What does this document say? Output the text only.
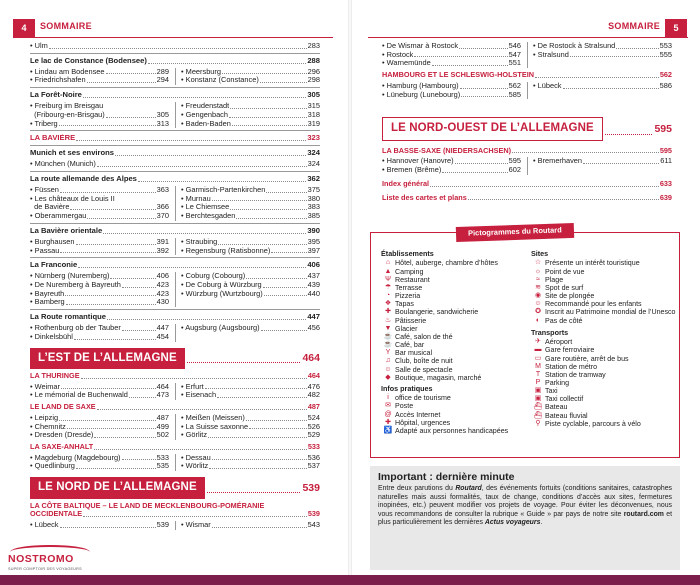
4	SOMMAIRE
• Ulm	283
Le lac de Constance (Bodensee)	288
• Lindau am Bodensee	289
• Friedrichshafen	294
• Meersburg	296
• Konstanz (Constance)	298
La Forêt-Noire	305
• Freiburg im Breisgau
(Fribourg-en-Brisgau)	305
• Triberg	313
• Freudenstadt	315
• Gengenbach	318
• Baden-Baden	319
LA BAVIÈRE	323
Munich et ses environs	324
• München (Munich)	324
La route allemande des Alpes	362
• Füssen	363
• Les châteaux de Louis II
de Bavière	366
• Oberammergau	370
• Garmisch-Partenkirchen	375
• Murnau	380
• Le Chiemsee	383
• Berchtesgaden	385
La Bavière orientale	390
• Burghausen	391
• Passau	392
• Straubing	395
• Regensburg (Ratisbonne)	397
La Franconie	406
• Nürnberg (Nuremberg)	406
• De Nuremberg à Bayreuth	423
• Bayreuth	423
• Bamberg	430
• Coburg (Cobourg)	437
• De Coburg à Würzburg	439
• Würzburg (Wurtzbourg)	440
La Route romantique	447
• Rothenburg ob der Tauber	447
• Dinkelsbühl	454
• Augsburg (Augsbourg)	456
L’EST DE L’ALLEMAGNE	464
LA THURINGE	464
• Weimar	464
• Le mémorial de Buchenwald	473
• Erfurt	476
• Eisenach	482
LE LAND DE SAXE	487
• Leipzig	487
• Chemnitz	499
• Dresden (Dresde)	502
• Meißen (Meissen)	524
• La Suisse saxonne	526
• Görlitz	529
LA SAXE-ANHALT	533
• Magdeburg (Magdebourg)	533
• Quedlinburg	535
• Dessau	536
• Wörlitz	537
LE NORD DE L’ALLEMAGNE	539
LA CÔTE BALTIQUE – LE LAND DE MECKLENBOURG-POMÉRANIE
OCCIDENTALE	539
• Lübeck	539 • Wismar	543
NOSTROMO
SUPER COMPTOIR DES VOYAGEURS
SOMMAIRE	5
• De Wismar à Rostock	546
• Rostock	547
• Warnemünde	551
• De Rostock à Stralsund	553
• Stralsund	555
HAMBOURG ET LE SCHLESWIG-HOLSTEIN	562
• Hamburg (Hambourg)	562
• Lüneburg (Lunebourg)	585
• Lübeck	586
LE NORD-OUEST DE L’ALLEMAGNE	595
LA BASSE-SAXE (NIEDERSACHSEN)	595
• Hannover (Hanovre)	595
• Bremen (Brême)	602
• Bremerhaven	611
Index général	633
Liste des cartes et plans	639
Pictogrammes du Routard
Établissements
⌂ Hôtel, auberge, chambre d’hôtes
▲ Camping
Ψ Restaurant
☂ Terrasse
◔ Pizzeria
❖ Tapas
✚ Boulangerie, sandwicherie
♨ Pâtisserie
▼ Glacier
☕ Café, salon de thé
☕ Café, bar
Y Bar musical
♫ Club, boîte de nuit
☺ Salle de spectacle
◆ Boutique, magasin, marché
Infos pratiques
i office de tourisme
✉ Poste
@ Accès Internet
✚ Hôpital, urgences
♿ Adapté aux personnes handicapées
Sites
☆ Présente un intérêt touristique
☼ Point de vue
≈ Plage
≋ Spot de surf
◉ Site de plongée
☺ Recommandé pour les enfants
✪ Inscrit au Patrimoine mondial de l’Unesco
◐ Pas de côté
Transports
✈ Aéroport
▬ Gare ferroviaire
▭ Gare routière, arrêt de bus
M Station de métro
T Station de tramway
P Parking
▣ Taxi
▣ Taxi collectif
⛴ Bateau
⛴ Bateau fluvial
⚲ Piste cyclable, parcours à vélo
Important : dernière minute

Entre deux parutions du Routard, des événements fortuits (conditions sanitaires, catastrophes naturelles mais aussi formalités, taux de change, conditions d’accès aux sites, fermetures inopinées, etc.) peuvent modifier vos projets de voyage. Pour éviter les déconvenues, nous vous recommandons de consulter la rubrique « Guide » par pays de notre site routard.com et plus particulièrement les dernières Actus voyageurs.
